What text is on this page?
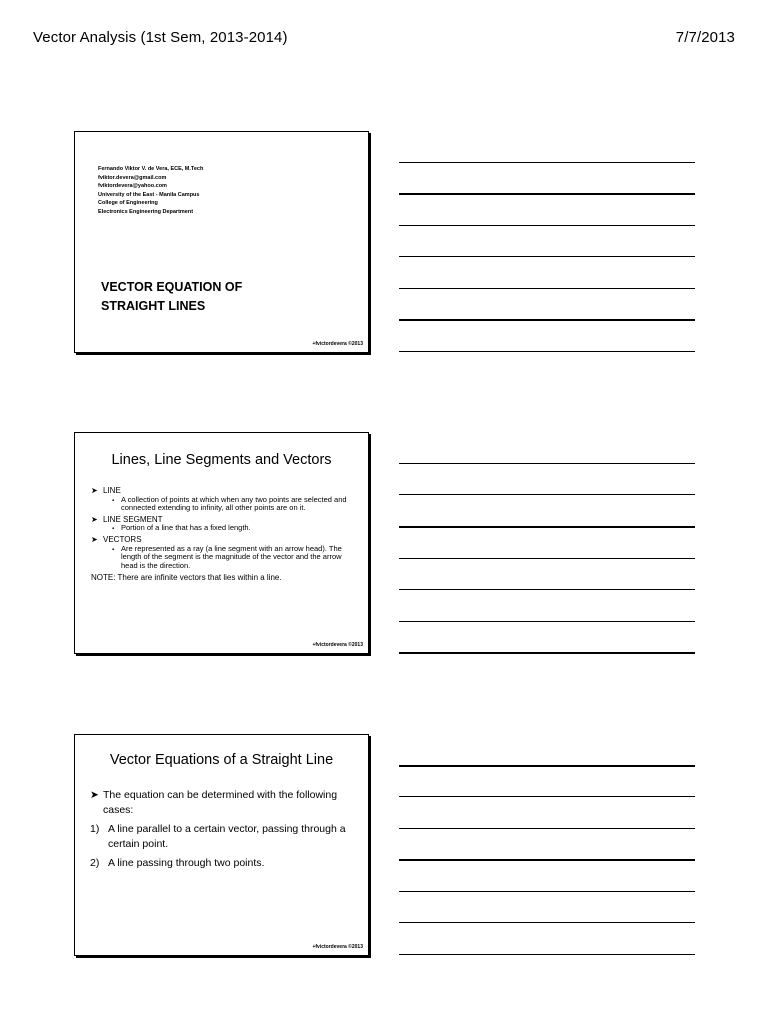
Vector Analysis (1st Sem, 2013-2014)	7/7/2013
Fernando Viktor V. de Vera, ECE, M.Tech
fviktor.devera@gmail.com
fviktordevera@yahoo.com
University of the East - Manila Campus
College of Engineering
Electronics Engineering Department
VECTOR EQUATION OF
STRAIGHT LINES
+fvictordevera ©2013
Lines, Line Segments and Vectors
➤ LINE
▪ A collection of points at which when any two points are selected and connected extending to infinity, all other points are on it.
➤ LINE SEGMENT
▪ Portion of a line that has a fixed length.
➤ VECTORS
▪ Are represented as a ray (a line segment with an arrow head). The length of the segment is the magnitude of the vector and the arrow head is the direction.
NOTE: There are infinite vectors that lies within a line.
+fvictordevera ©2013
Vector Equations of a Straight Line
➤ The equation can be determined with the following cases:
1) A line parallel to a certain vector, passing through a certain point.
2) A line passing through two points.
+fvictordevera ©2013
